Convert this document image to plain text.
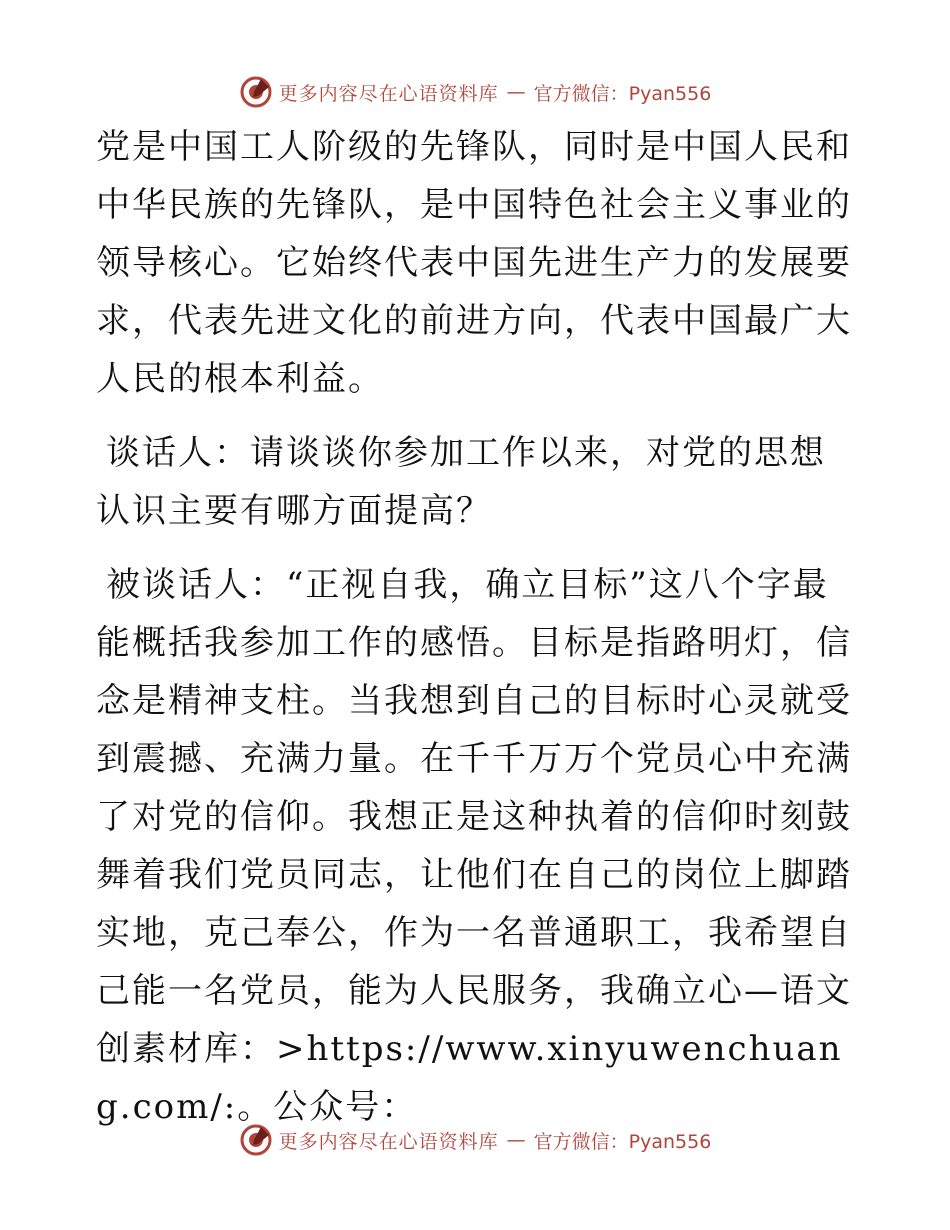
更多内容尽在心语资料库 — 官方微信：Pyan556

党是中国工人阶级的先锋队，同时是中国人民和中华民族的先锋队，是中国特色社会主义事业的领导核心。它始终代表中国先进生产力的发展要求，代表先进文化的前进方向，代表中国最广大人民的根本利益。

谈话人：请谈谈你参加工作以来，对党的思想认识主要有哪方面提高？

被谈话人：“正视自我，确立目标”这八个字最能概括我参加工作的感悟。目标是指路明灯，信念是精神支柱。当我想到自己的目标时心灵就受到震撼、充满力量。在千千万万个党员心中充满了对党的信仰。我想正是这种执着的信仰时刻鼓舞着我们党员同志，让他们在自己的岗位上脚踏实地，克己奉公，作为一名普通职工，我希望自己能一名党员，能为人民服务，我确立心—语文创素材库：>https://www.xinyuwenchuang.com/:。公众号：

更多内容尽在心语资料库 — 官方微信：Pyan556
